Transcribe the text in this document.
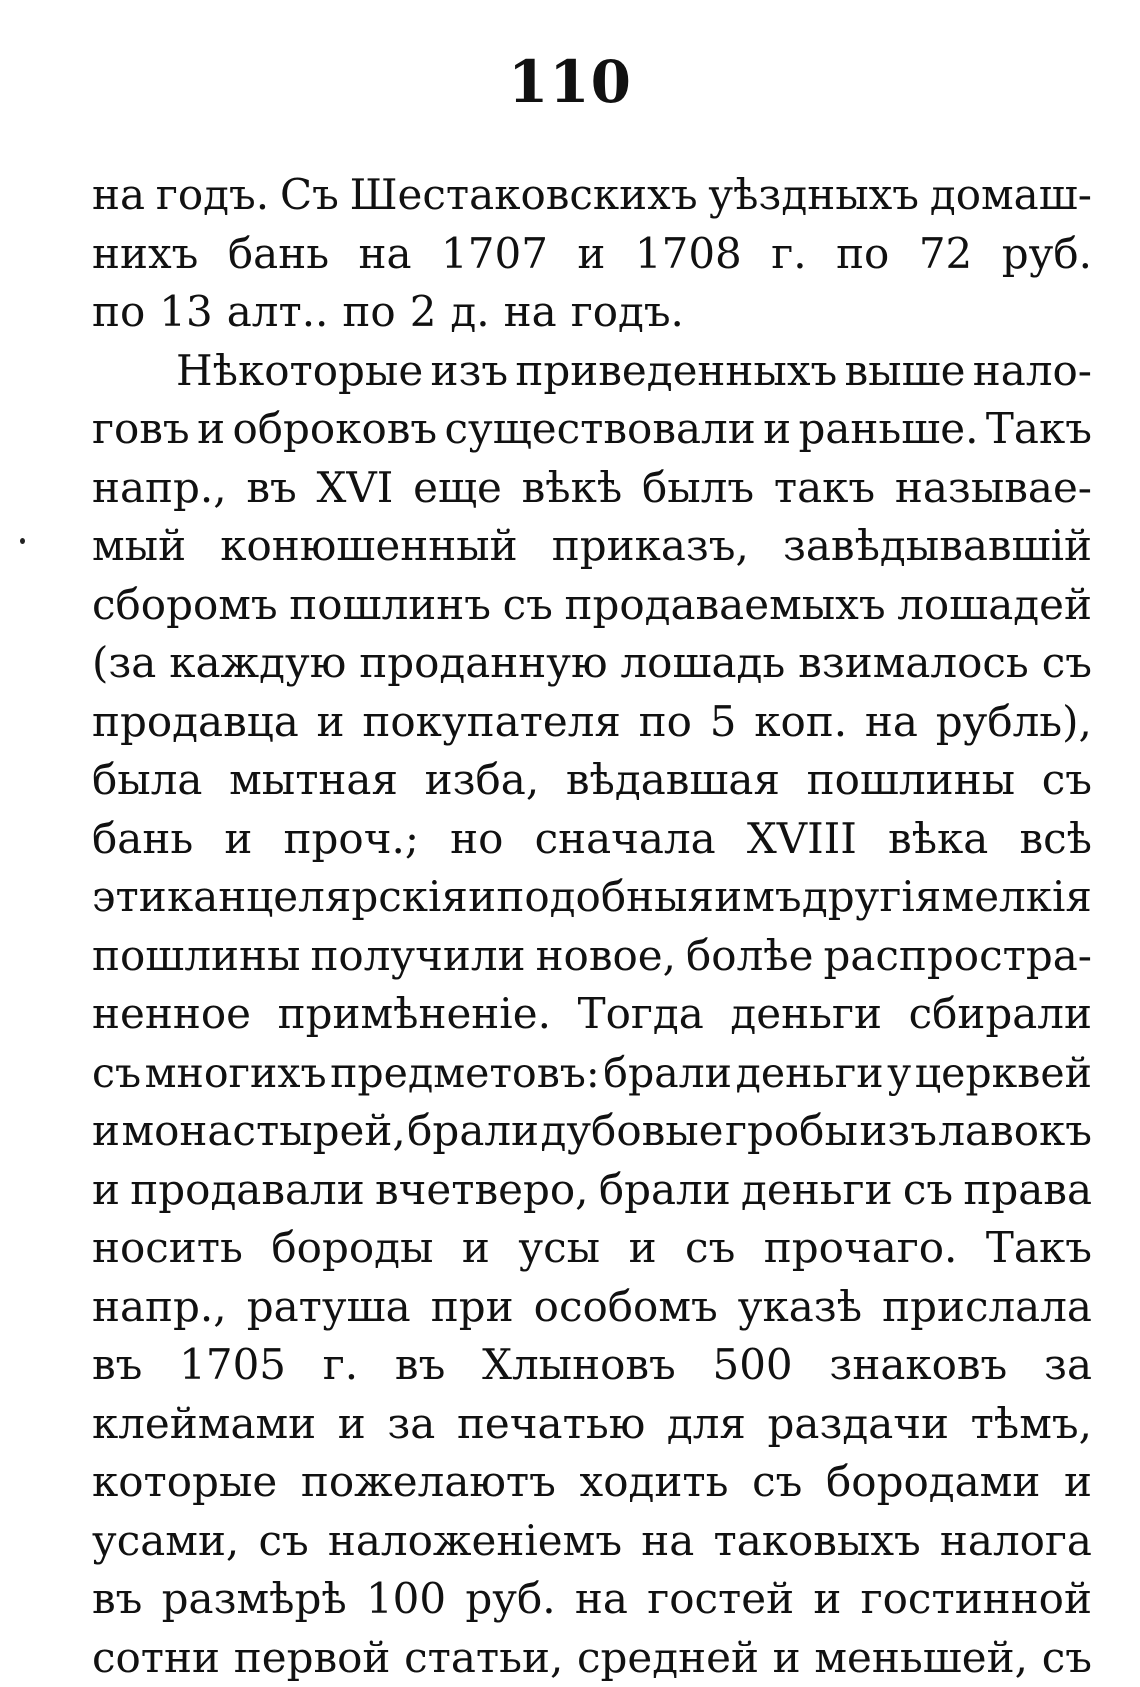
110
на годъ. Съ Шестаковскихъ уѣздныхъ домаш-
нихъ бань на 1707 и 1708 г. по 72 руб.
по 13 алт.. по 2 д. на годъ.
Нѣкоторые изъ приведенныхъ выше нало-
говъ и оброковъ существовали и раньше. Такъ
напр., въ XVI еще вѣкѣ былъ такъ называе-
мый конюшенный приказъ, завѣдывавшій
сборомъ пошлинъ съ продаваемыхъ лошадей
(за каждую проданную лошадь взималось съ
продавца и покупателя по 5 коп. на рубль),
была мытная изба, вѣдавшая пошлины съ
бань и проч.; но сначала XVIII вѣка всѣ
эти канцелярскія и подобныя имъ другія мелкія
пошлины получили новое, болѣе распростра-
ненное примѣненіе. Тогда деньги сбирали
съ многихъ предметовъ: брали деньги у церквей
и монастырей, брали дубовые гробы изъ лавокъ
и продавали вчетверо, брали деньги съ права
носить бороды и усы и съ прочаго. Такъ
напр., ратуша при особомъ указѣ прислала
въ 1705 г. въ Хлыновъ 500 знаковъ за
клеймами и за печатью для раздачи тѣмъ,
которые пожелаютъ ходить съ бородами и
усами, съ наложеніемъ на таковыхъ налога
въ размѣрѣ 100 руб. на гостей и гостинной
сотни первой статьи, средней и меньшей, съ
